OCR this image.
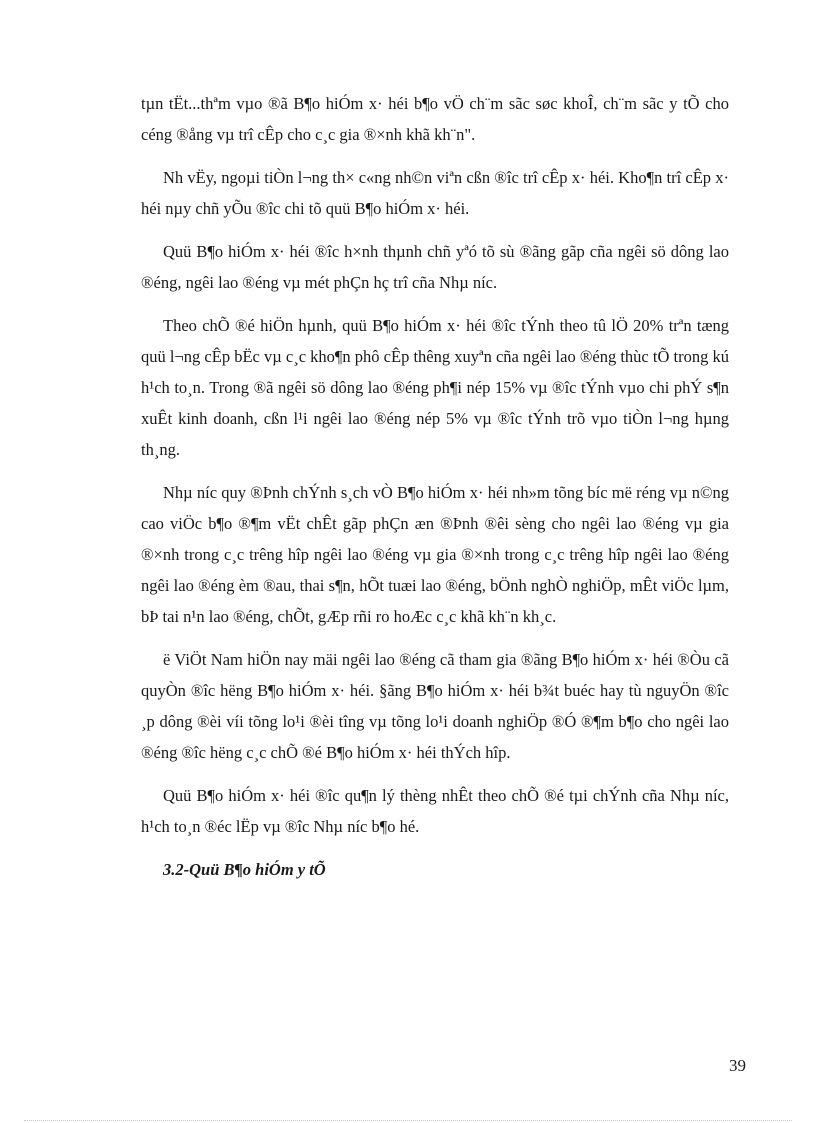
tµn tËt...thªm vµo ®ã B¶o hiÓm x· héi b¶o vÖ ch¨m sãc søc khoÎ, ch¨m sãc y tÕ cho céng ®ång vµ trî cÊp cho c¸c gia ®×nh khã kh¨n".

Nh vËy, ngoµi tiÒn l¬ng th× c«ng nh©n viªn cßn ®îc trî cÊp x· héi. Kho¶n trî cÊp x· héi nµy chñ yÕu ®îc chi tõ quü B¶o hiÓm x· héi.

Quü B¶o hiÓm x· héi ®îc h×nh thµnh chñ yªó tõ sù ®ãng gãp cña ngêi sö dông lao ®éng, ngêi lao ®éng vµ mét phÇn hç trî cña Nhµ níc.

Theo chÕ ®é hiÖn hµnh, quü B¶o hiÓm x· héi ®îc tÝnh theo tû lÖ 20% trªn tæng quü l¬ng cÊp bËc vµ c¸c kho¶n phô cÊp thêng xuyªn cña ngêi lao ®éng thùc tÕ trong kú h¹ch to¸n. Trong ®ã ngêi sö dông lao ®éng ph¶i nép 15% vµ ®îc tÝnh vµo chi phÝ s¶n xuÊt kinh doanh, cßn l¹i ngêi lao ®éng nép 5% vµ ®îc tÝnh trõ vµo tiÒn l¬ng hµng th¸ng.

Nhµ níc quy ®Þnh chÝnh s¸ch vÒ B¶o hiÓm x· héi nh»m tõng bíc më réng vµ n©ng cao viÖc b¶o ®¶m vËt chÊt gãp phÇn æn ®Þnh ®êi sèng cho ngêi lao ®éng vµ gia ®×nh trong c¸c trêng hîp ngêi lao ®éng vµ gia ®×nh trong c¸c trêng hîp ngêi lao ®éng ngêi lao ®éng èm ®au, thai s¶n, hÕt tuæi lao ®éng, bÖnh nghÒ nghiÖp, mÊt viÖc lµm, bÞ tai n¹n lao ®éng, chÕt, gÆp rñi ro hoÆc c¸c khã kh¨n kh¸c.

ë ViÖt Nam hiÖn nay mäi ngêi lao ®éng cã tham gia ®ãng B¶o hiÓm x· héi ®Òu cã quyÒn ®îc hëng B¶o hiÓm x· héi. §ãng B¶o hiÓm x· héi b¾t buéc hay tù nguyÖn ®îc ¸p dông ®èi víi tõng lo¹i ®èi tîng vµ tõng lo¹i doanh nghiÖp ®Ó ®¶m b¶o cho ngêi lao ®éng ®îc hëng c¸c chÕ ®é B¶o hiÓm x· héi thÝch hîp.

Quü B¶o hiÓm x· héi ®îc qu¶n lý thèng nhÊt theo chÕ ®é tµi chÝnh cña Nhµ níc, h¹ch to¸n ®éc lËp vµ ®îc Nhµ níc b¶o hé.

3.2-Quü B¶o hiÓm y tÕ
39
